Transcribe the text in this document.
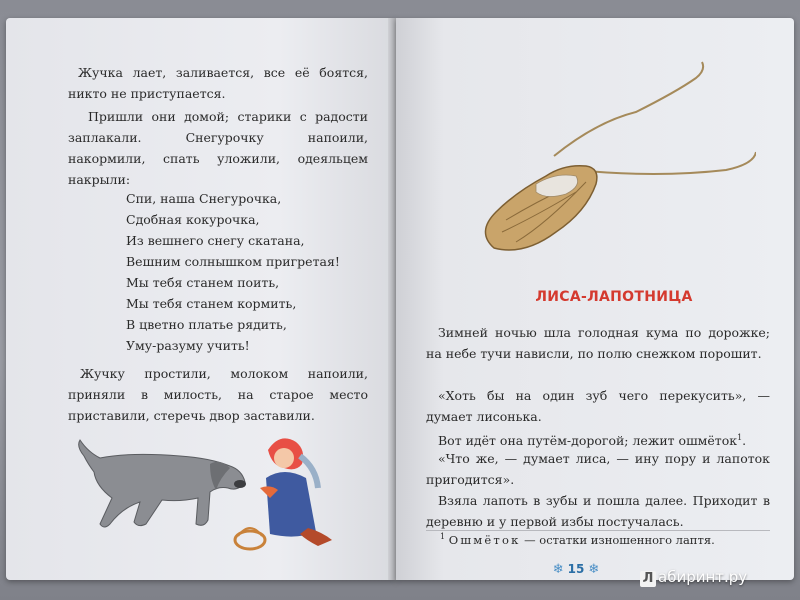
Жучка лает, заливается, все её боятся, никто не приступается.
Пришли они домой; старики с радости заплакали. Снегурочку напоили, накормили, спать уложили, одеяльцем накрыли:
Спи, наша Снегурочка,
Сдобная кокурочка,
Из вешнего снегу скатана,
Вешним солнышком пригретая!
Мы тебя станем поить,
Мы тебя станем кормить,
В цветно платье рядить,
Уму-разуму учить!
Жучку простили, молоком напоили, приняли в милость, на старое место приставили, стеречь двор заставили.
ЛИСА-ЛАПОТНИЦА
Зимней ночью шла голодная кума по дорожке; на небе тучи нависли, по полю снежком порошит.
«Хоть бы на один зуб чего перекусить», — думает лисонька.
Вот идёт она путём-дорогой; лежит ошмёток$^1$.
«Что же, — думает лиса, — ину пору и лапоток пригодится».
Взяла лапоть в зубы и пошла далее. Приходит в деревню и у первой избы постучалась.
$^1$ Ошмёток — остатки изношенного лаптя.
❄ 15 ❄
Л абиринт.ру
